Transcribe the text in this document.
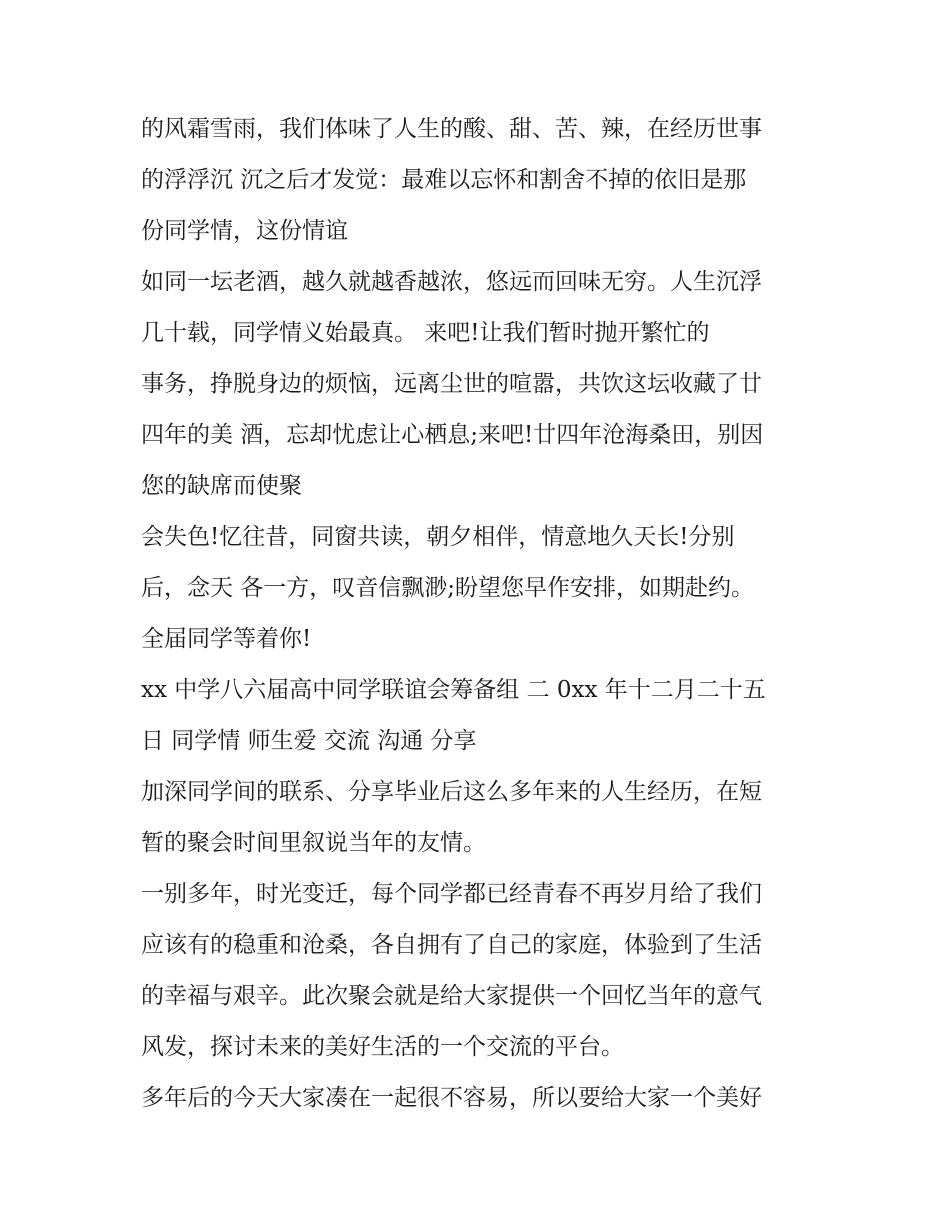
的风霜雪雨，我们体味了人生的酸、甜、苦、辣，在经历世事
的浮浮沉 沉之后才发觉：最难以忘怀和割舍不掉的依旧是那
份同学情，这份情谊
如同一坛老酒，越久就越香越浓，悠远而回味无穷。人生沉浮
几十载，同学情义始最真。 来吧!让我们暂时抛开繁忙的
事务，挣脱身边的烦恼，远离尘世的喧嚣，共饮这坛收藏了廿
四年的美 酒，忘却忧虑让心栖息;来吧!廿四年沧海桑田，别因
您的缺席而使聚
会失色!忆往昔，同窗共读，朝夕相伴，情意地久天长!分别
后，念天 各一方，叹音信飘渺;盼望您早作安排，如期赴约。
全届同学等着你!
xx 中学八六届高中同学联谊会筹备组 二 0xx 年十二月二十五
日 同学情 师生爱 交流 沟通 分享
加深同学间的联系、分享毕业后这么多年来的人生经历，在短
暂的聚会时间里叙说当年的友情。
一别多年，时光变迁，每个同学都已经青春不再岁月给了我们
应该有的稳重和沧桑，各自拥有了自己的家庭，体验到了生活
的幸福与艰辛。此次聚会就是给大家提供一个回忆当年的意气
风发，探讨未来的美好生活的一个交流的平台。
多年后的今天大家凑在一起很不容易，所以要给大家一个美好
